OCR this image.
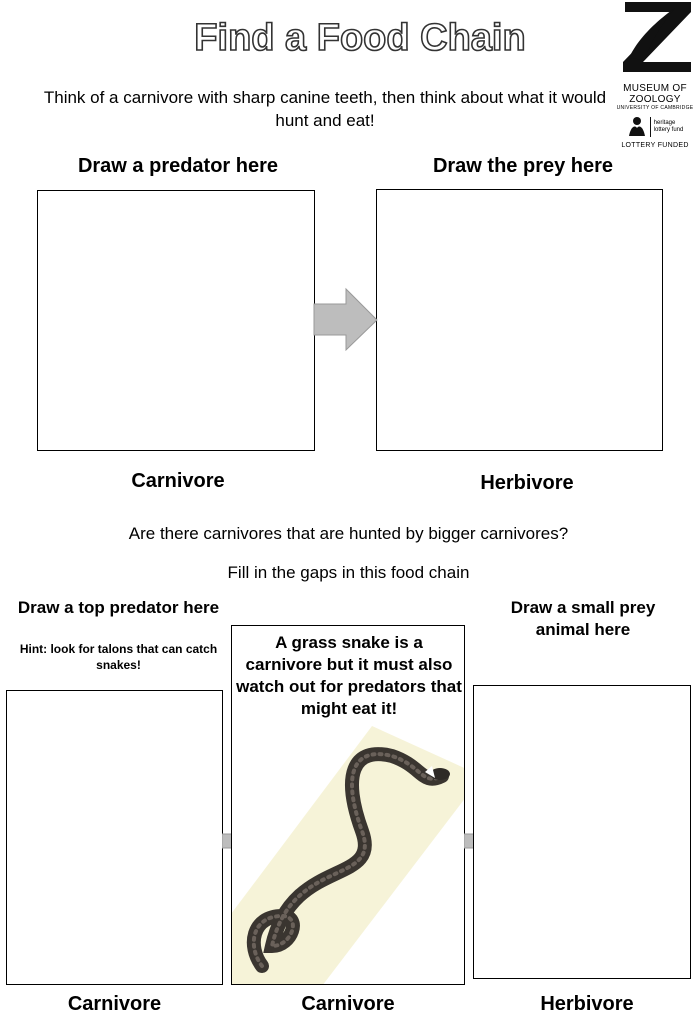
Find a Food Chain
MUSEUM OF
ZOOLOGY
UNIVERSITY OF CAMBRIDGE
heritage
lottery fund
LOTTERY FUNDED
Think of a carnivore with sharp canine teeth, then think about what it would hunt and eat!
Draw a predator here	Draw the prey here
Carnivore	Herbivore
Are there carnivores that are hunted by bigger carnivores?
Fill in the gaps in this food chain
Draw a top predator here
Hint: look for talons that can catch snakes!
A grass snake is a carnivore but it must also watch out for predators that might eat it!
Draw a small prey animal here
Carnivore	Carnivore	Herbivore
